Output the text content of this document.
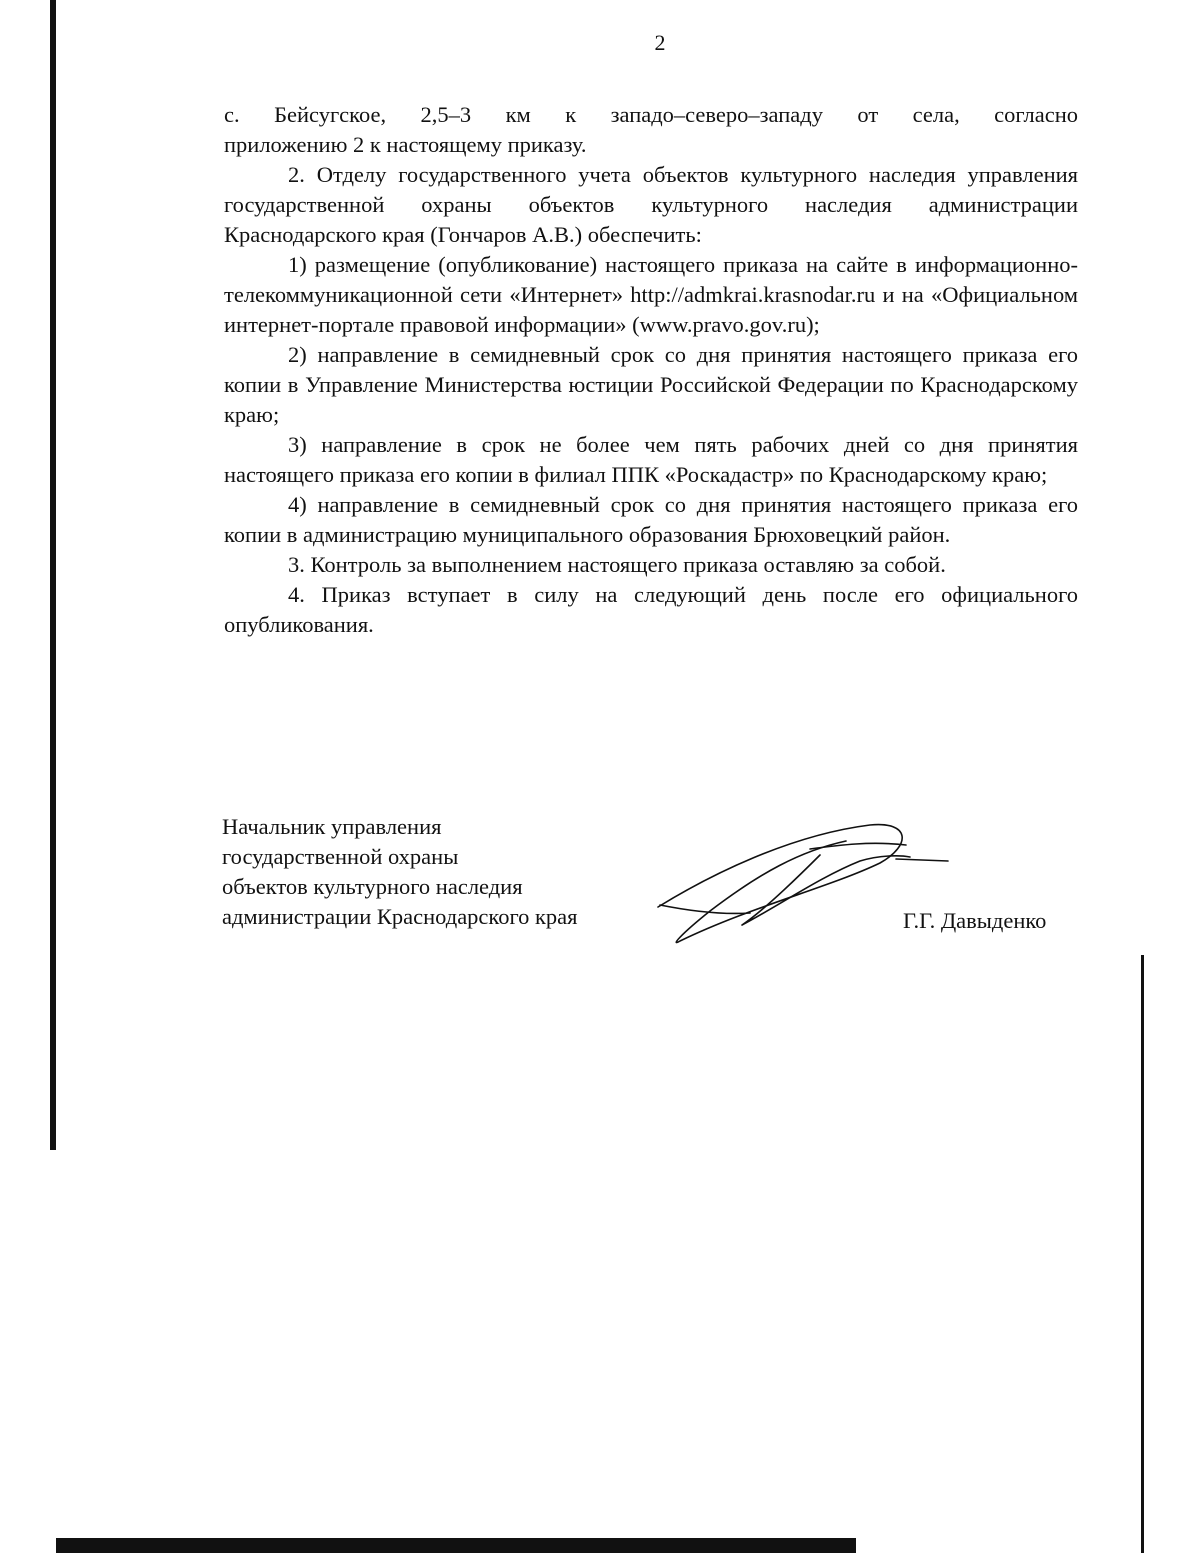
2

с. Бейсугское, 2,5–3 км к западо–северо–западу от села, согласно
приложению 2 к настоящему приказу.

2. Отделу государственного учета объектов культурного наследия управления государственной охраны объектов культурного наследия администрации Краснодарского края (Гончаров А.В.) обеспечить:

1) размещение (опубликование) настоящего приказа на сайте в информационно-телекоммуникационной сети «Интернет» http://admkrai.krasnodar.ru и на «Официальном интернет-портале правовой информации» (www.pravo.gov.ru);

2) направление в семидневный срок со дня принятия настоящего приказа его копии в Управление Министерства юстиции Российской Федерации по Краснодарскому краю;

3) направление в срок не более чем пять рабочих дней со дня принятия настоящего приказа его копии в филиал ППК «Роскадастр» по Краснодарскому краю;

4) направление в семидневный срок со дня принятия настоящего приказа его копии в администрацию муниципального образования Брюховецкий район.

3. Контроль за выполнением настоящего приказа оставляю за собой.

4. Приказ вступает в силу на следующий день после его официального опубликования.

Начальник управления
государственной охраны
объектов культурного наследия
администрации Краснодарского края	Г.Г. Давыденко
